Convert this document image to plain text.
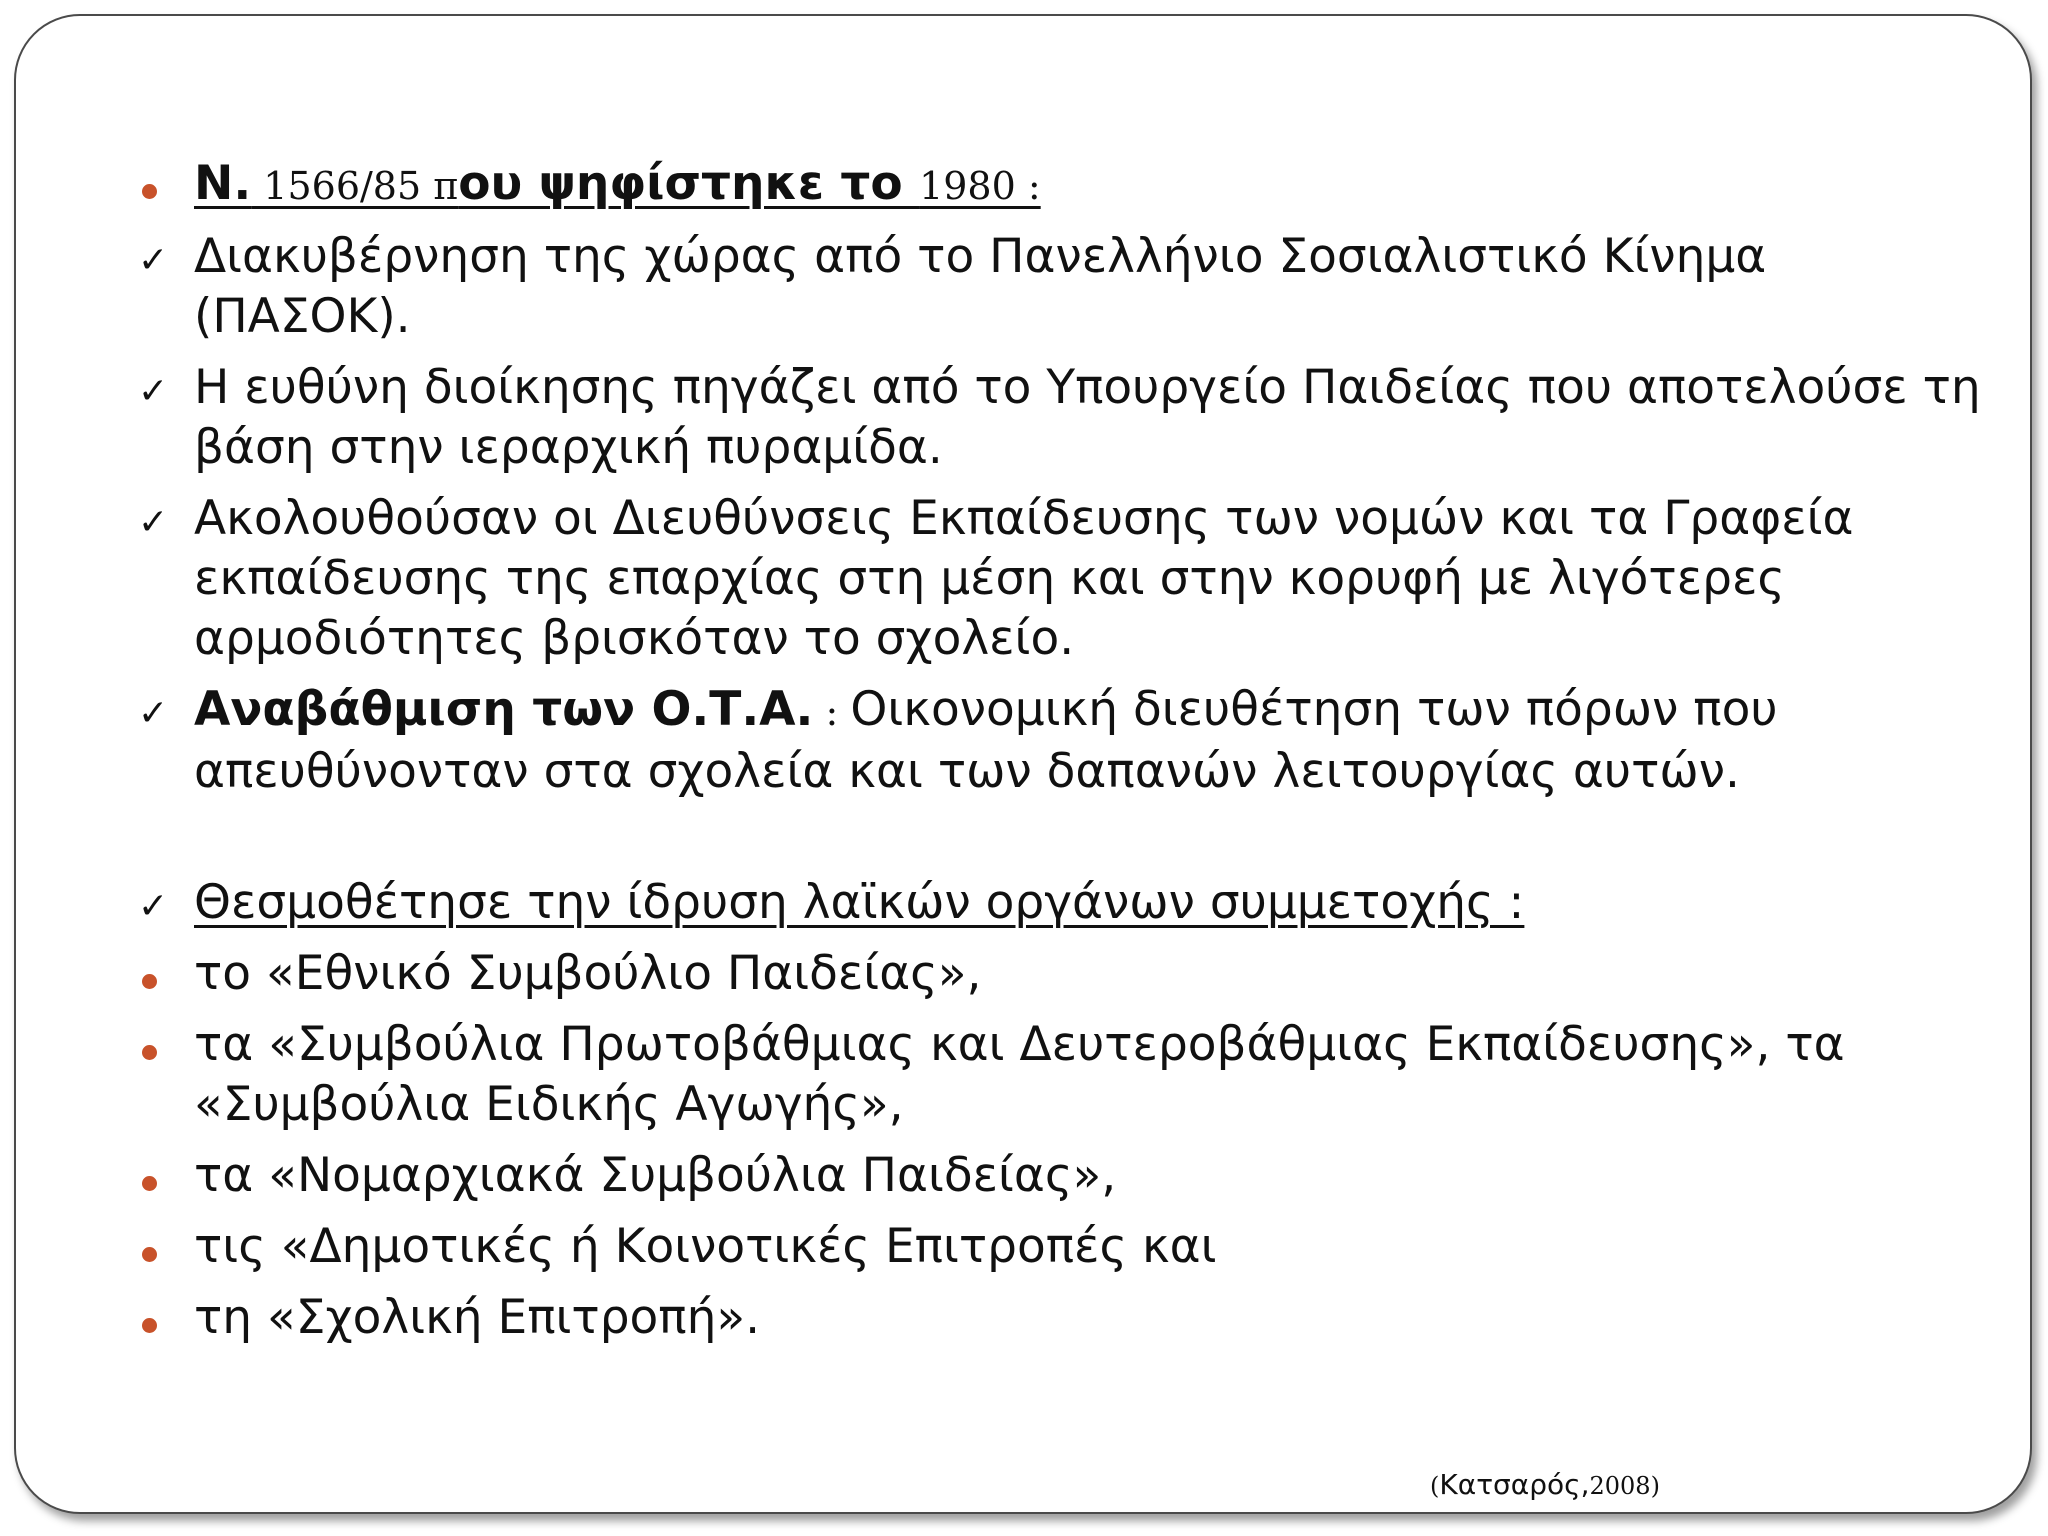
Ν. 1566/85 που ψηφίστηκε το 1980 :
✓ Διακυβέρνηση της χώρας από το Πανελλήνιο Σοσιαλιστικό Κίνημα (ΠΑΣΟΚ).
✓ Η ευθύνη διοίκησης πηγάζει από το Υπουργείο Παιδείας που αποτελούσε τη βάση στην ιεραρχική πυραμίδα.
✓ Ακολουθούσαν οι Διευθύνσεις Εκπαίδευσης των νομών και τα Γραφεία εκπαίδευσης της επαρχίας στη μέση και στην κορυφή με λιγότερες αρμοδιότητες βρισκόταν το σχολείο.
✓ Αναβάθμιση των Ο.Τ.Α. : Οικονομική διευθέτηση των πόρων που απευθύνονταν στα σχολεία και των δαπανών λειτουργίας αυτών.
✓ Θεσμοθέτησε την ίδρυση λαϊκών οργάνων συμμετοχής :
το «Εθνικό Συμβούλιο Παιδείας»,
τα «Συμβούλια Πρωτοβάθμιας και Δευτεροβάθμιας Εκπαίδευσης», τα «Συμβούλια Ειδικής Αγωγής»,
τα «Νομαρχιακά Συμβούλια Παιδείας»,
τις «Δημοτικές ή Κοινοτικές Επιτροπές και
τη «Σχολική Επιτροπή».
(Κατσαρός,2008)
